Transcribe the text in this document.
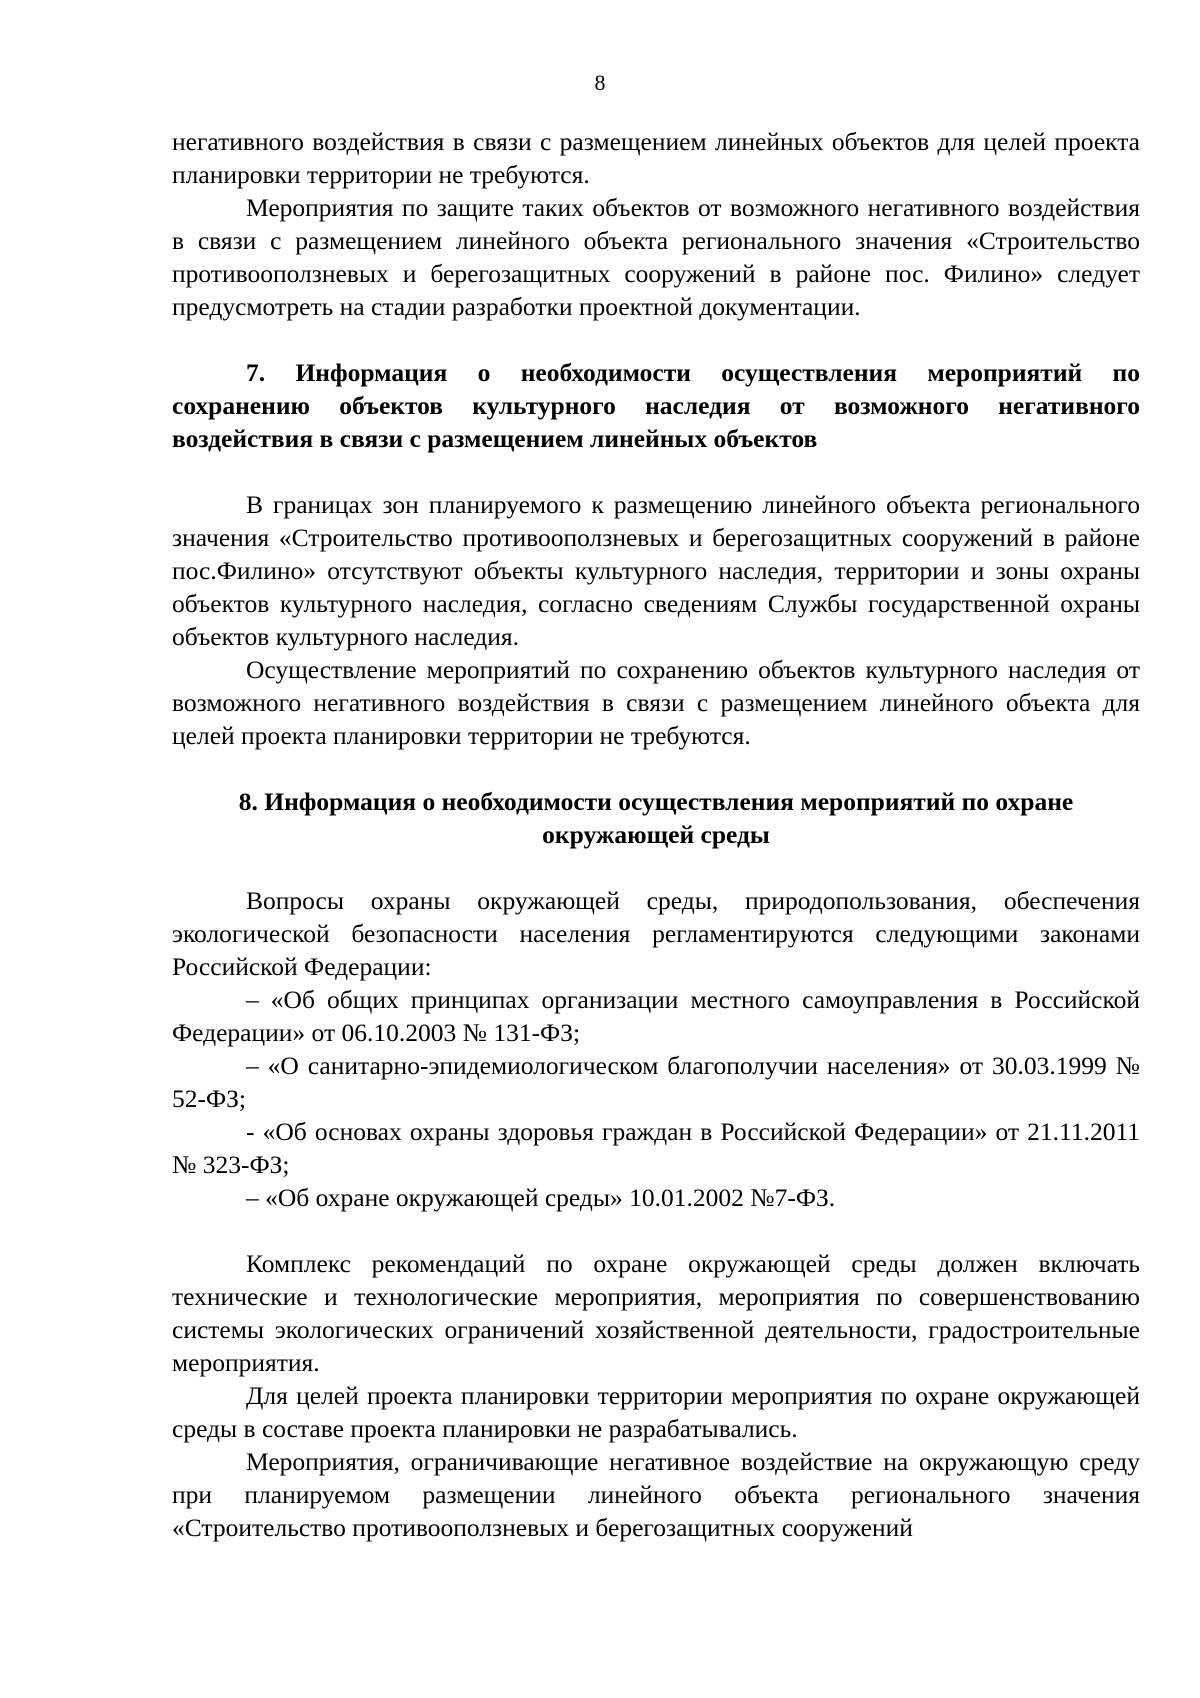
8

негативного воздействия в связи с размещением линейных объектов для целей проекта планировки территории не требуются.

Мероприятия по защите таких объектов от возможного негативного воздействия в связи с размещением линейного объекта регионального значения «Строительство противооползневых и берегозащитных сооружений в районе пос. Филино» следует предусмотреть на стадии разработки проектной документации.

7. Информация о необходимости осуществления мероприятий по сохранению объектов культурного наследия от возможного негативного воздействия в связи с размещением линейных объектов

В границах зон планируемого к размещению линейного объекта регионального значения «Строительство противооползневых и берегозащитных сооружений в районе пос.Филино» отсутствуют объекты культурного наследия, территории и зоны охраны объектов культурного наследия, согласно сведениям Службы государственной охраны объектов культурного наследия.

Осуществление мероприятий по сохранению объектов культурного наследия от возможного негативного воздействия в связи с размещением линейного объекта для целей проекта планировки территории не требуются.

8. Информация о необходимости осуществления мероприятий по охране окружающей среды

Вопросы охраны окружающей среды, природопользования, обеспечения экологической безопасности населения регламентируются следующими законами Российской Федерации:

– «Об общих принципах организации местного самоуправления в Российской Федерации» от 06.10.2003 № 131-ФЗ;

– «О санитарно-эпидемиологическом благополучии населения» от 30.03.1999 № 52-ФЗ;

- «Об основах охраны здоровья граждан в Российской Федерации» от 21.11.2011 № 323-ФЗ;

– «Об охране окружающей среды» 10.01.2002 №7-ФЗ.

Комплекс рекомендаций по охране окружающей среды должен включать технические и технологические мероприятия, мероприятия по совершенствованию системы экологических ограничений хозяйственной деятельности, градостроительные мероприятия.

Для целей проекта планировки территории мероприятия по охране окружающей среды в составе проекта планировки не разрабатывались.

Мероприятия, ограничивающие негативное воздействие на окружающую среду при планируемом размещении линейного объекта регионального значения «Строительство противооползневых и берегозащитных сооружений
